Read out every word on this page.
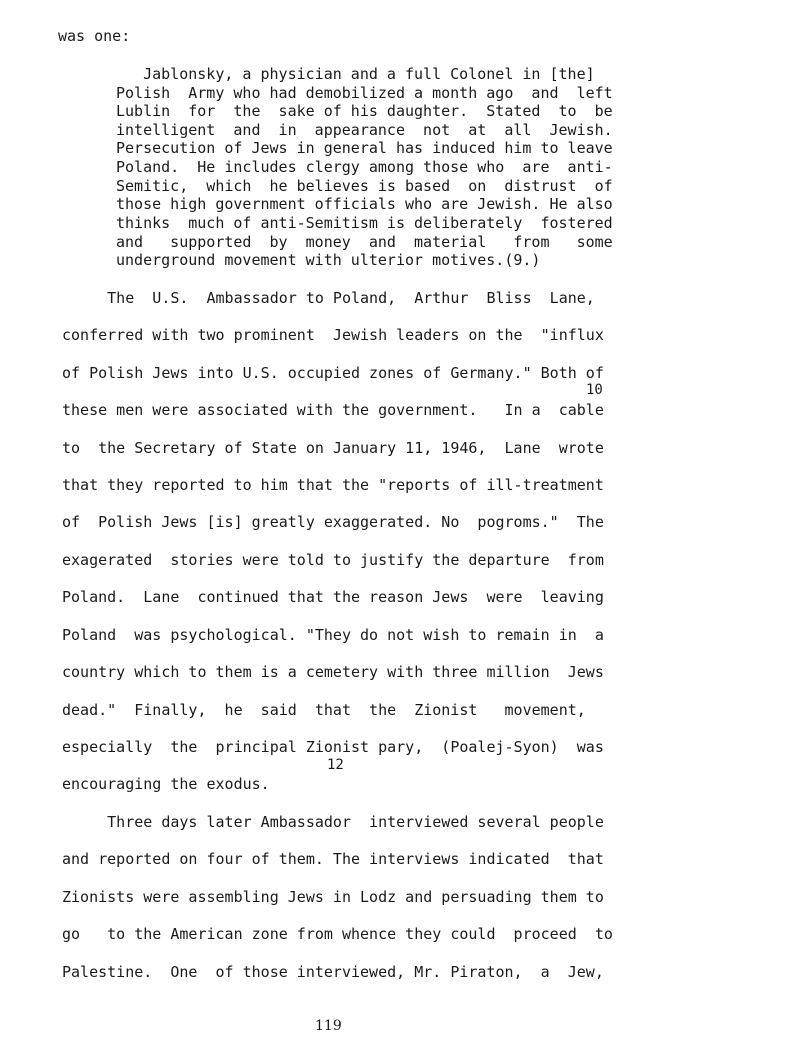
was one:
Jablonsky, a physician and a full Colonel in [the]
Polish  Army who had demobilized a month ago  and  left
Lublin  for  the  sake of his daughter.  Stated  to  be
intelligent  and  in  appearance  not  at  all  Jewish.
Persecution of Jews in general has induced him to leave
Poland.  He includes clergy among those who  are  anti-
Semitic,  which  he believes is based  on  distrust  of
those high government officials who are Jewish. He also
thinks  much of anti-Semitism is deliberately  fostered
and   supported  by  money  and  material   from   some
underground movement with ulterior motives.(9.)
The  U.S.  Ambassador to Poland,  Arthur  Bliss  Lane,
conferred with two prominent  Jewish leaders on the  "influx
of Polish Jews into U.S. occupied zones of Germany." Both of
10
these men were associated with the government.   In a  cable
to  the Secretary of State on January 11, 1946,  Lane  wrote
that they reported to him that the "reports of ill-treatment
of  Polish Jews [is] greatly exaggerated. No  pogroms."  The
exagerated  stories were told to justify the departure  from
Poland.  Lane  continued that the reason Jews  were  leaving
Poland  was psychological. "They do not wish to remain in  a
country which to them is a cemetery with three million  Jews
dead."  Finally,  he  said  that  the  Zionist   movement,
especially  the  principal Zionist pary,  (Poalej-Syon)  was
12
encouraging the exodus.
Three days later Ambassador  interviewed several people
and reported on four of them. The interviews indicated  that
Zionists were assembling Jews in Lodz and persuading them to
go   to the American zone from whence they could  proceed  to
Palestine.  One  of those interviewed, Mr. Piraton,  a  Jew,
119
